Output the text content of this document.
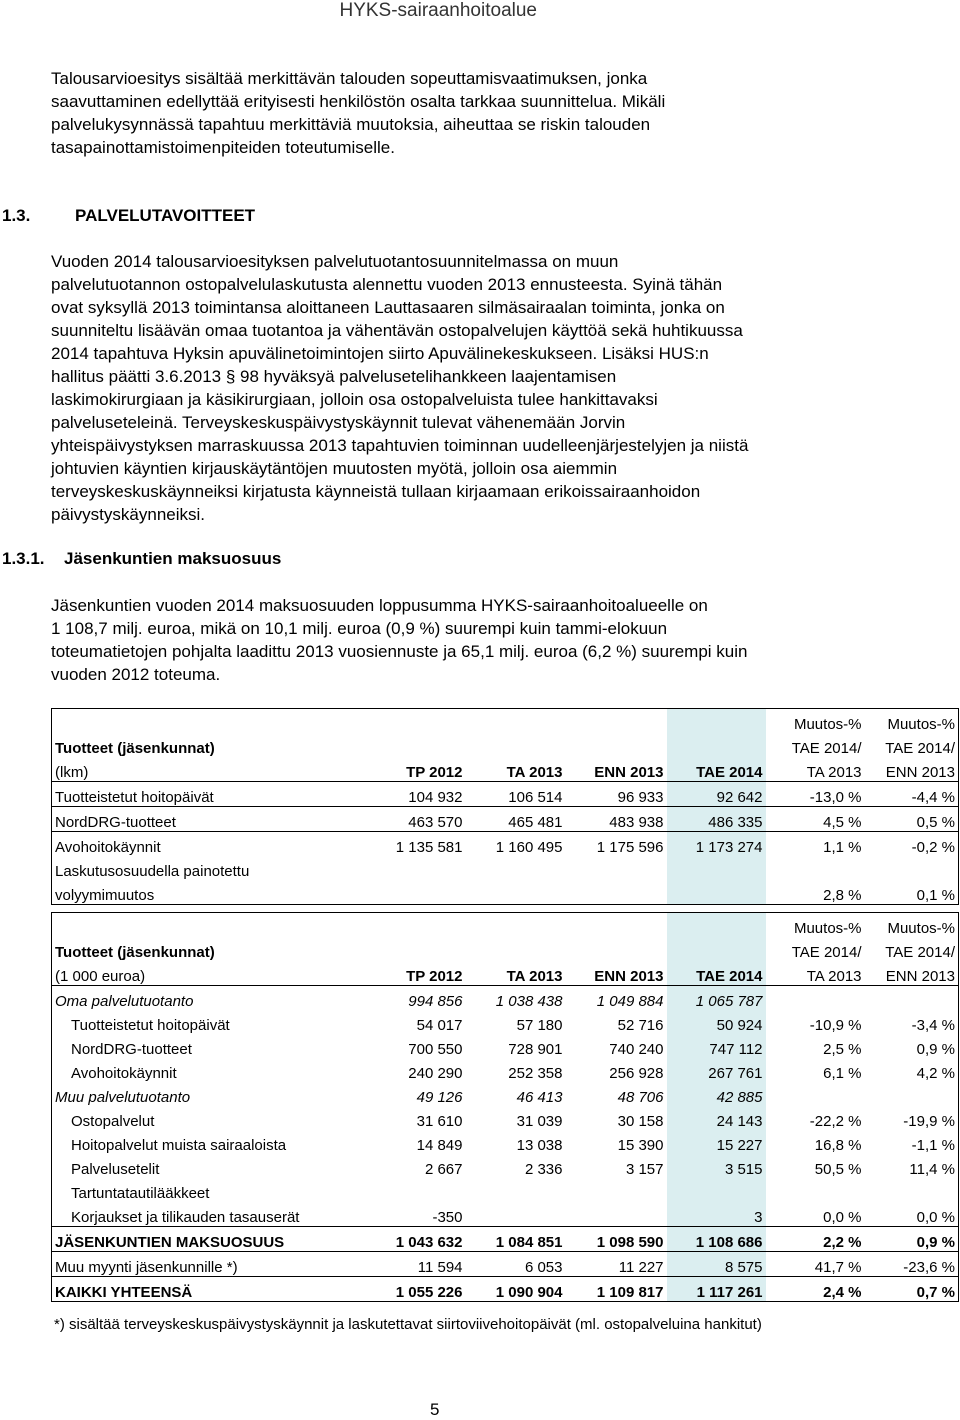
HYKS-sairaanhoitoalue
Talousarvioesitys sisältää merkittävän talouden sopeuttamisvaatimuksen, jonka
saavuttaminen edellyttää erityisesti henkilöstön osalta tarkkaa suunnittelua. Mikäli
palvelukysynnässä tapahtuu merkittäviä muutoksia, aiheuttaa se riskin talouden
tasapainottamistoimenpiteiden toteutumiselle.
1.3.	PALVELUTAVOITTEET
Vuoden 2014 talousarvioesityksen palvelutuotantosuunnitelmassa on muun
palvelutuotannon ostopalvelulaskutusta alennettu vuoden 2013 ennusteesta. Syinä tähän
ovat syksyllä 2013 toimintansa aloittaneen Lauttasaaren silmäsairaalan toiminta, jonka on
suunniteltu lisäävän omaa tuotantoa ja vähentävän ostopalvelujen käyttöä sekä huhtikuussa
2014 tapahtuva Hyksin apuvälinetoimintojen siirto Apuvälinekeskukseen. Lisäksi HUS:n
hallitus päätti 3.6.2013 § 98 hyväksyä palvelusetelihankkeen laajentamisen
laskimokirurgiaan ja käsikirurgiaan, jolloin osa ostopalveluista tulee hankittavaksi
palveluseteleinä. Terveyskeskuspäivystyskäynnit tulevat vähenemään Jorvin
yhteispäivystyksen marraskuussa 2013 tapahtuvien toiminnan uudelleenjärjestelyjen ja niistä
johtuvien käyntien kirjauskäytäntöjen muutosten myötä, jolloin osa aiemmin
terveyskeskuskäynneiksi kirjatusta käynneistä tullaan kirjaamaan erikoissairaanhoidon
päivystyskäynneiksi.
1.3.1. Jäsenkuntien maksuosuus
Jäsenkuntien vuoden 2014 maksuosuuden loppusumma HYKS-sairaanhoitoalueelle on
1 108,7 milj. euroa, mikä on 10,1 milj. euroa (0,9 %) suurempi kuin tammi-elokuun
toteumatietojen pohjalta laadittu 2013 vuosiennuste ja 65,1 milj. euroa (6,2 %) suurempi kuin
vuoden 2012 toteuma.
					Muutos-%	Muutos-%
Tuotteet (jäsenkunnat)					TAE 2014/	TAE 2014/
(lkm)	TP 2012	TA 2013	ENN 2013	TAE 2014	TA 2013	ENN 2013
Tuotteistetut hoitopäivät	104 932	106 514	96 933	92 642	-13,0 %	-4,4 %
NordDRG-tuotteet	463 570	465 481	483 938	486 335	4,5 %	0,5 %
Avohoitokäynnit	1 135 581	1 160 495	1 175 596	1 173 274	1,1 %	-0,2 %
Laskutusosuudella painotettu						
volyymimuutos					2,8 %	0,1 %
					Muutos-%	Muutos-%
Tuotteet (jäsenkunnat)					TAE 2014/	TAE 2014/
(1 000 euroa)	TP 2012	TA 2013	ENN 2013	TAE 2014	TA 2013	ENN 2013
Oma palvelutuotanto	994 856	1 038 438	1 049 884	1 065 787		
Tuotteistetut hoitopäivät	54 017	57 180	52 716	50 924	-10,9 %	-3,4 %
NordDRG-tuotteet	700 550	728 901	740 240	747 112	2,5 %	0,9 %
Avohoitokäynnit	240 290	252 358	256 928	267 761	6,1 %	4,2 %
Muu palvelutuotanto	49 126	46 413	48 706	42 885		
Ostopalvelut	31 610	31 039	30 158	24 143	-22,2 %	-19,9 %
Hoitopalvelut muista sairaaloista	14 849	13 038	15 390	15 227	16,8 %	-1,1 %
Palvelusetelit	2 667	2 336	3 157	3 515	50,5 %	11,4 %
Tartuntatautilääkkeet						
Korjaukset ja tilikauden tasauserät	-350			3	0,0 %	0,0 %
JÄSENKUNTIEN MAKSUOSUUS	1 043 632	1 084 851	1 098 590	1 108 686	2,2 %	0,9 %
Muu myynti jäsenkunnille *)	11 594	6 053	11 227	8 575	41,7 %	-23,6 %
KAIKKI YHTEENSÄ	1 055 226	1 090 904	1 109 817	1 117 261	2,4 %	0,7 %
*) sisältää terveyskeskuspäivystyskäynnit ja laskutettavat siirtoviivehoitopäivät (ml. ostopalveluina hankitut)
5
